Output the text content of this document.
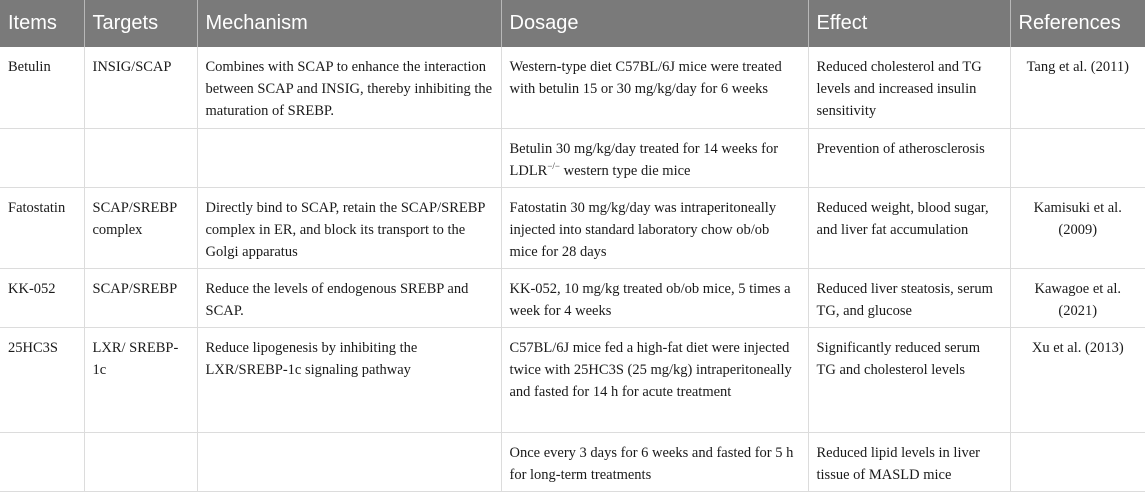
Items	Targets	Mechanism	Dosage	Effect	References
Betulin	INSIG/SCAP	Combines with SCAP to enhance the interaction between SCAP and INSIG, thereby inhibiting the maturation of SREBP.	Western-type diet C57BL/6J mice were treated with betulin 15 or 30 mg/kg/day for 6 weeks	Reduced cholesterol and TG levels and increased insulin sensitivity	Tang et al. (2011)
			Betulin 30 mg/kg/day treated for 14 weeks for LDLR−/− western type die mice	Prevention of atherosclerosis	
Fatostatin	SCAP/SREBP complex	Directly bind to SCAP, retain the SCAP/SREBP complex in ER, and block its transport to the Golgi apparatus	Fatostatin 30 mg/kg/day was intraperitoneally injected into standard laboratory chow ob/ob mice for 28 days	Reduced weight, blood sugar, and liver fat accumulation	Kamisuki et al. (2009)
KK-052	SCAP/SREBP	Reduce the levels of endogenous SREBP and SCAP.	KK-052, 10 mg/kg treated ob/ob mice, 5 times a week for 4 weeks	Reduced liver steatosis, serum TG, and glucose	Kawagoe et al. (2021)
25HC3S	LXR/ SREBP-1c	Reduce lipogenesis by inhibiting the LXR/SREBP-1c signaling pathway	C57BL/6J mice fed a high-fat diet were injected twice with 25HC3S (25 mg/kg) intraperitoneally and fasted for 14 h for acute treatment	Significantly reduced serum TG and cholesterol levels	Xu et al. (2013)
			Once every 3 days for 6 weeks and fasted for 5 h for long-term treatments	Reduced lipid levels in liver tissue of MASLD mice	
